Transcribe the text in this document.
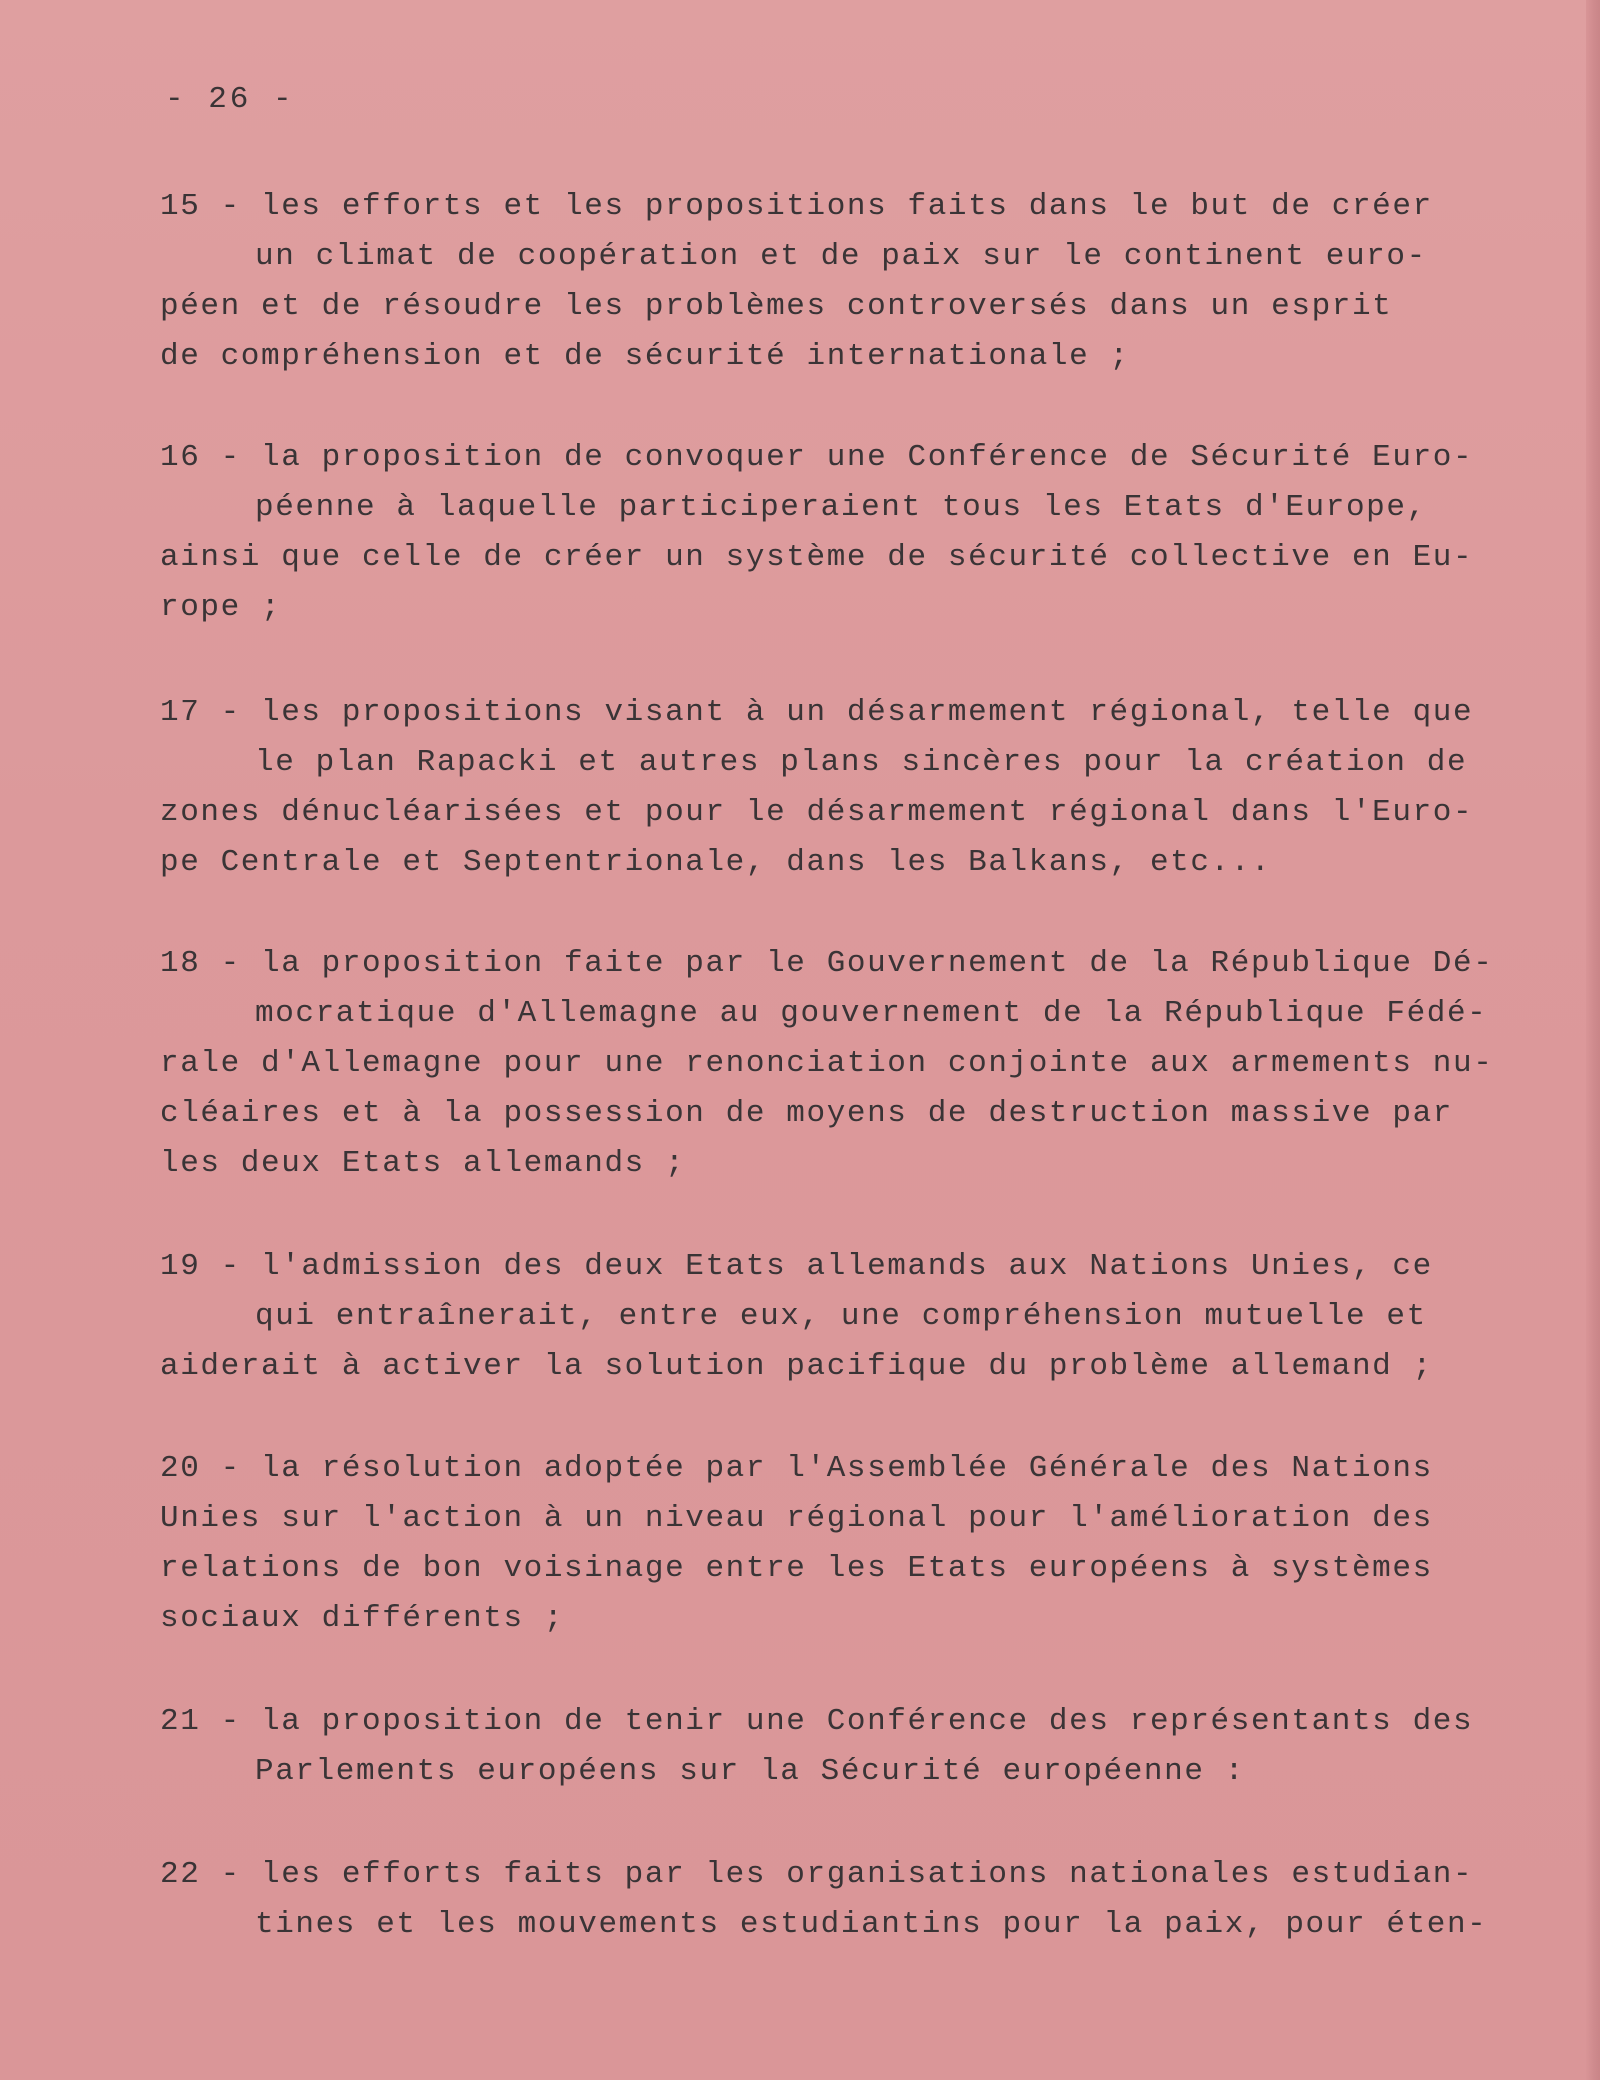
- 26 -
15 - les efforts et les propositions faits dans le but de créer
un climat de coopération et de paix sur le continent euro-
péen et de résoudre les problèmes controversés dans un esprit
de compréhension et de sécurité internationale ;
16 - la proposition de convoquer une Conférence de Sécurité Euro-
péenne à laquelle participeraient tous les Etats d'Europe,
ainsi que celle de créer un système de sécurité collective en Eu-
rope ;
17 - les propositions visant à un désarmement régional, telle que
le plan Rapacki et autres plans sincères pour la création de
zones dénucléarisées et pour le désarmement régional dans l'Euro-
pe Centrale et Septentrionale, dans les Balkans, etc...
18 - la proposition faite par le Gouvernement de la République Dé-
mocratique d'Allemagne au gouvernement de la République Fédé-
rale d'Allemagne pour une renonciation conjointe aux armements nu-
cléaires et à la possession de moyens de destruction massive par
les deux Etats allemands ;
19 - l'admission des deux Etats allemands aux Nations Unies, ce
qui entraînerait, entre eux, une compréhension mutuelle et
aiderait à activer la solution pacifique du problème allemand ;
20 - la résolution adoptée par l'Assemblée Générale des Nations
Unies sur l'action à un niveau régional pour l'amélioration des
relations de bon voisinage entre les Etats européens à systèmes
sociaux différents ;
21 - la proposition de tenir une Conférence des représentants des
Parlements européens sur la Sécurité européenne :
22 - les efforts faits par les organisations nationales estudian-
tines et les mouvements estudiantins pour la paix, pour éten-
